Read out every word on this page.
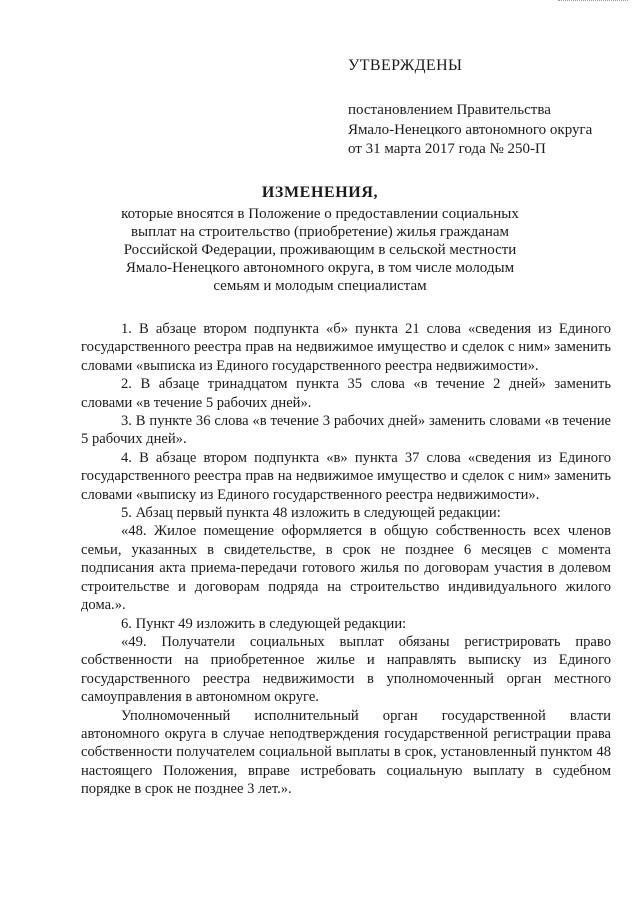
УТВЕРЖДЕНЫ
постановлением Правительства
Ямало-Ненецкого автономного округа
от 31 марта 2017 года № 250-П
ИЗМЕНЕНИЯ,
которые вносятся в Положение о предоставлении социальных
выплат на строительство (приобретение) жилья гражданам
Российской Федерации, проживающим в сельской местности
Ямало-Ненецкого автономного округа, в том числе молодым
семьям и молодым специалистам

1. В абзаце втором подпункта «б» пункта 21 слова «сведения из Единого государственного реестра прав на недвижимое имущество и сделок с ним» заменить словами «выписка из Единого государственного реестра недвижимости».

2. В абзаце тринадцатом пункта 35 слова «в течение 2 дней» заменить словами «в течение 5 рабочих дней».

3. В пункте 36 слова «в течение 3 рабочих дней» заменить словами «в течение 5 рабочих дней».

4. В абзаце втором подпункта «в» пункта 37 слова «сведения из Единого государственного реестра прав на недвижимое имущество и сделок с ним» заменить словами «выписку из Единого государственного реестра недвижимости».

5. Абзац первый пункта 48 изложить в следующей редакции:

«48. Жилое помещение оформляется в общую собственность всех членов семьи, указанных в свидетельстве, в срок не позднее 6 месяцев с момента подписания акта приема-передачи готового жилья по договорам участия в долевом строительстве и договорам подряда на строительство индивидуального жилого дома.».

6. Пункт 49 изложить в следующей редакции:

«49. Получатели социальных выплат обязаны регистрировать право собственности на приобретенное жилье и направлять выписку из Единого государственного реестра недвижимости в уполномоченный орган местного самоуправления в автономном округе.

Уполномоченный исполнительный орган государственной власти автономного округа в случае неподтверждения государственной регистрации права собственности получателем социальной выплаты в срок, установленный пунктом 48 настоящего Положения, вправе истребовать социальную выплату в судебном порядке в срок не позднее 3 лет.».
